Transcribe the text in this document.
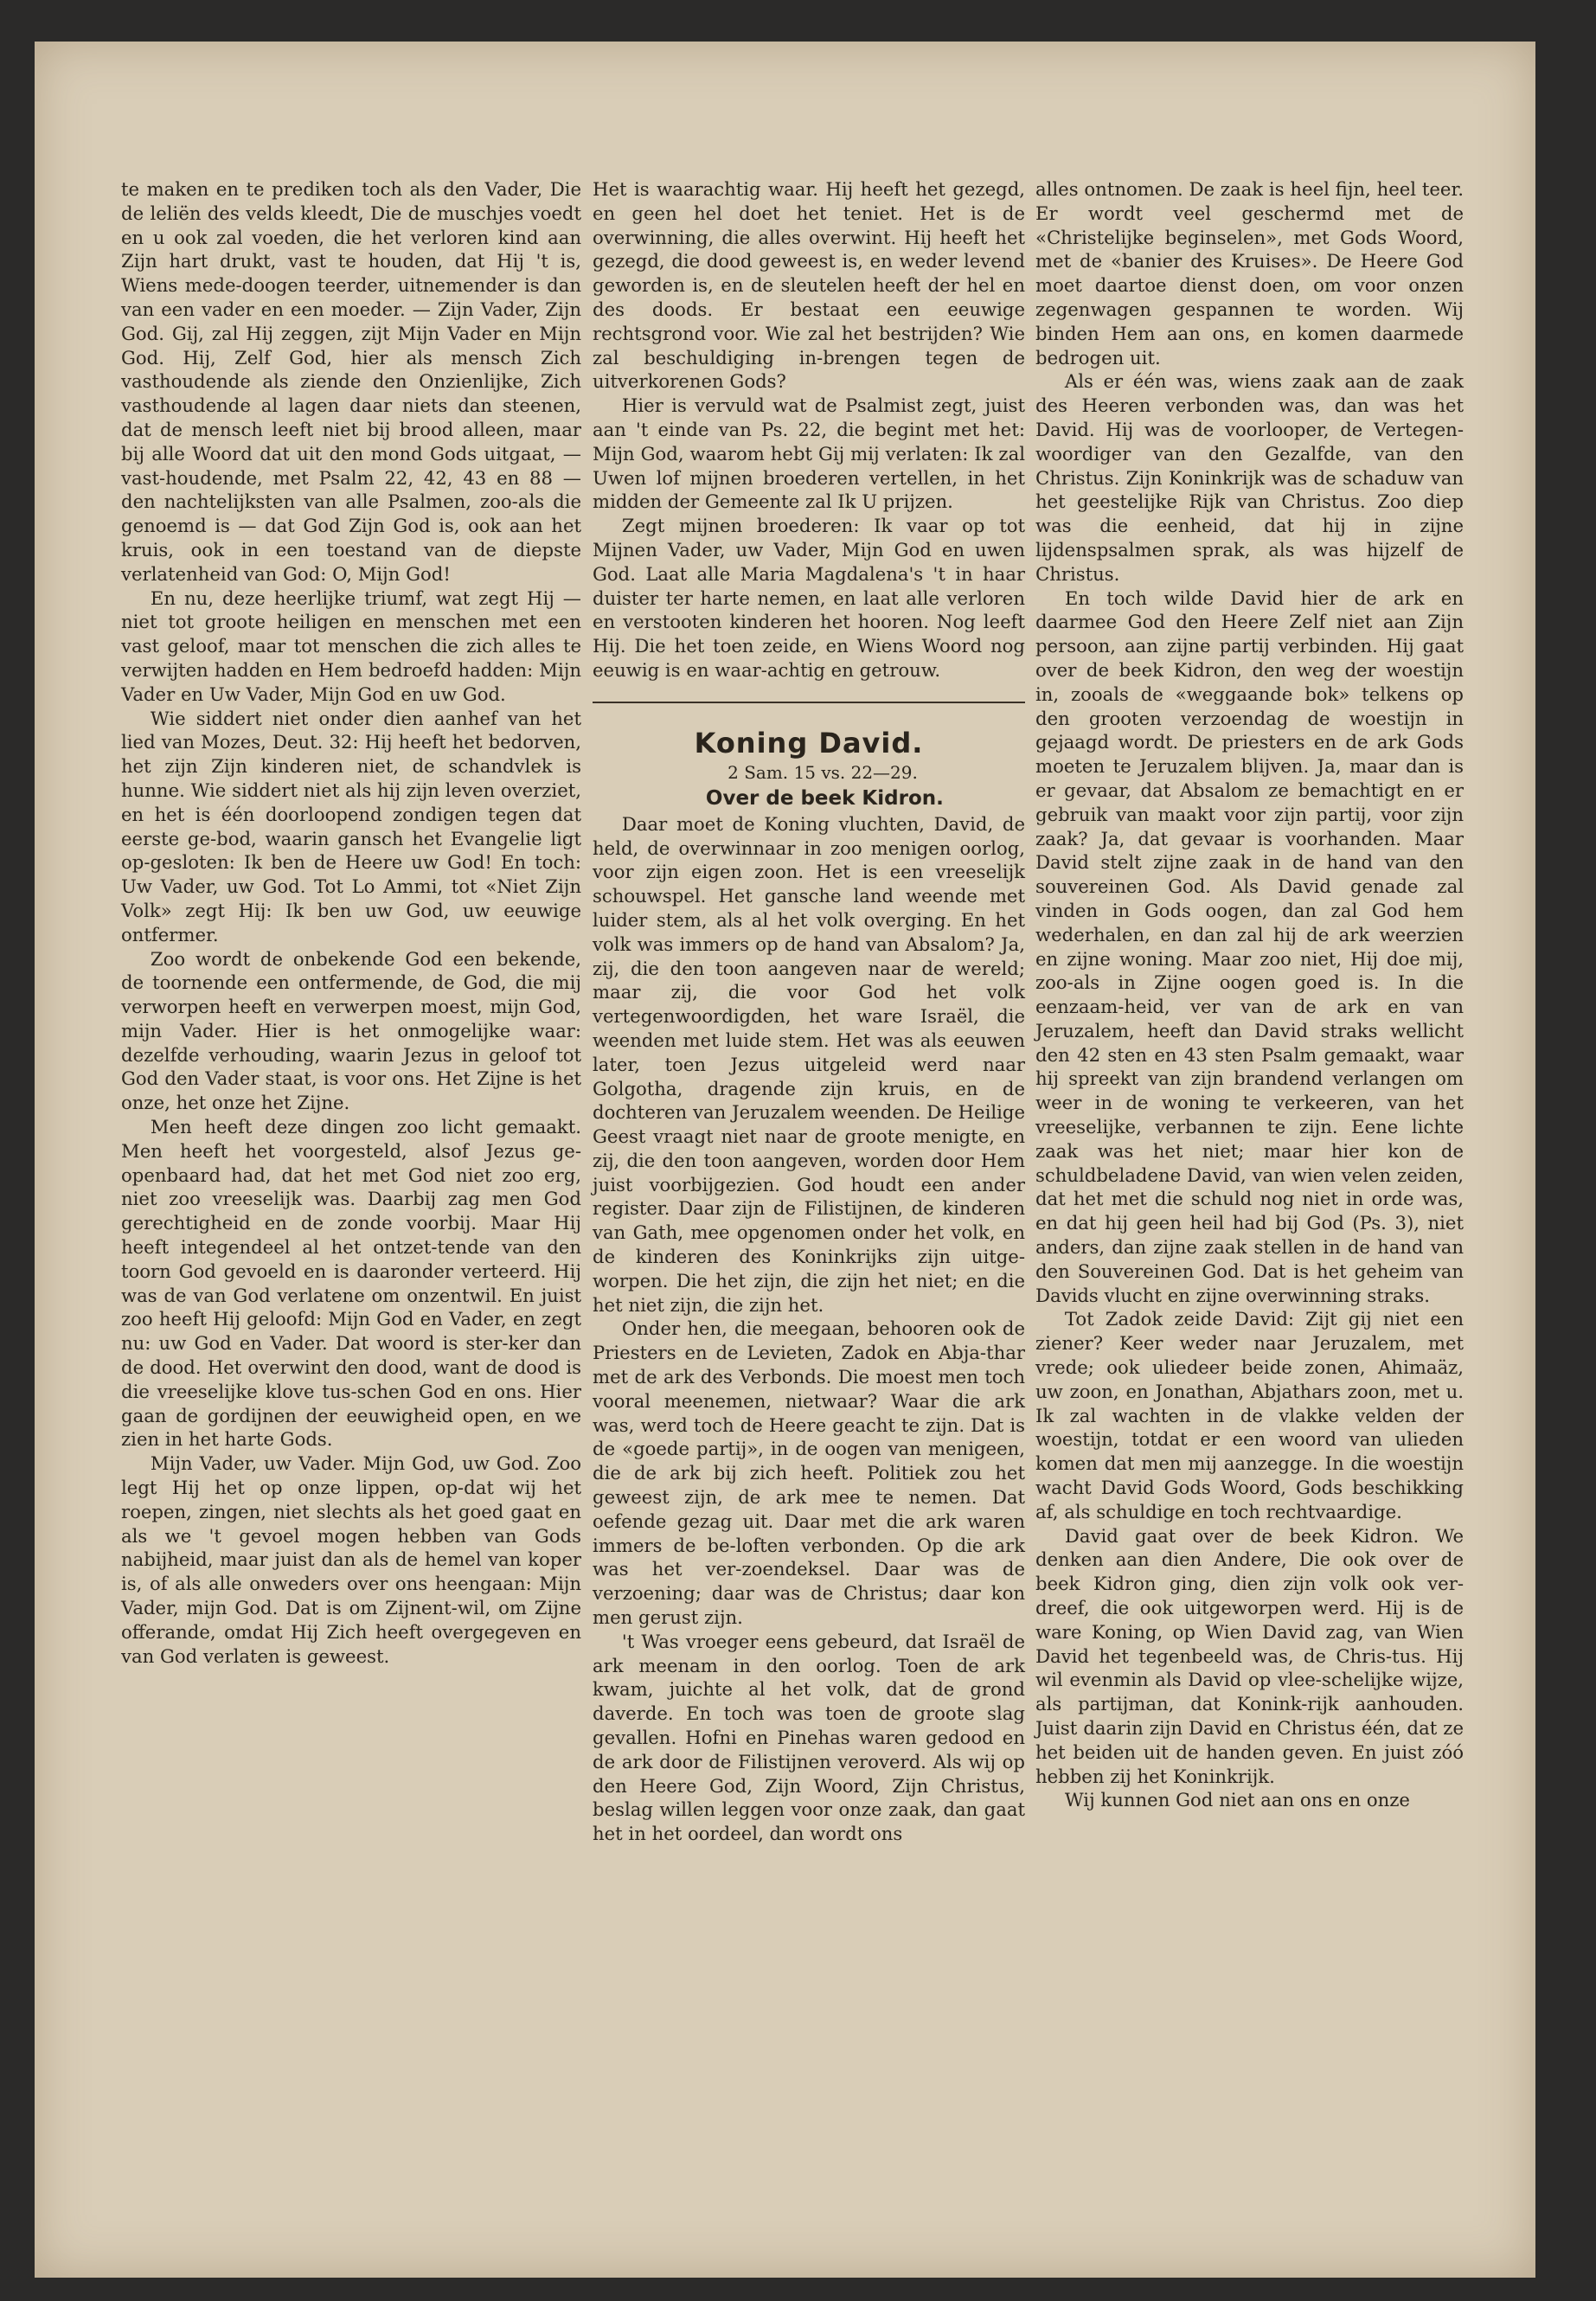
te maken en te prediken toch als den Vader, Die de leliën des velds kleedt, Die de muschjes voedt en u ook zal voeden, die het verloren kind aan Zijn hart drukt, vast te houden, dat Hij 't is, Wiens mede-doogen teerder, uitnemender is dan van een vader en een moeder. — Zijn Vader, Zijn God. Gij, zal Hij zeggen, zijt Mijn Vader en Mijn God. Hij, Zelf God, hier als mensch Zich vasthoudende als ziende den Onzienlijke, Zich vasthoudende al lagen daar niets dan steenen, dat de mensch leeft niet bij brood alleen, maar bij alle Woord dat uit den mond Gods uitgaat, — vast-houdende, met Psalm 22, 42, 43 en 88 — den nachtelijksten van alle Psalmen, zoo-als die genoemd is — dat God Zijn God is, ook aan het kruis, ook in een toestand van de diepste verlatenheid van God: O, Mijn God!

En nu, deze heerlijke triumf, wat zegt Hij — niet tot groote heiligen en menschen met een vast geloof, maar tot menschen die zich alles te verwijten hadden en Hem bedroefd hadden: Mijn Vader en Uw Vader, Mijn God en uw God.

Wie siddert niet onder dien aanhef van het lied van Mozes, Deut. 32: Hij heeft het bedorven, het zijn Zijn kinderen niet, de schandvlek is hunne. Wie siddert niet als hij zijn leven overziet, en het is één doorloopend zondigen tegen dat eerste ge-bod, waarin gansch het Evangelie ligt op-gesloten: Ik ben de Heere uw God! En toch: Uw Vader, uw God. Tot Lo Ammi, tot «Niet Zijn Volk» zegt Hij: Ik ben uw God, uw eeuwige ontfermer.

Zoo wordt de onbekende God een bekende, de toornende een ontfermende, de God, die mij verworpen heeft en verwerpen moest, mijn God, mijn Vader. Hier is het onmogelijke waar: dezelfde verhouding, waarin Jezus in geloof tot God den Vader staat, is voor ons. Het Zijne is het onze, het onze het Zijne.

Men heeft deze dingen zoo licht gemaakt. Men heeft het voorgesteld, alsof Jezus ge-openbaard had, dat het met God niet zoo erg, niet zoo vreeselijk was. Daarbij zag men God gerechtigheid en de zonde voorbij. Maar Hij heeft integendeel al het ontzet-tende van den toorn God gevoeld en is daaronder verteerd. Hij was de van God verlatene om onzentwil. En juist zoo heeft Hij geloofd: Mijn God en Vader, en zegt nu: uw God en Vader. Dat woord is ster-ker dan de dood. Het overwint den dood, want de dood is die vreeselijke klove tus-schen God en ons. Hier gaan de gordijnen der eeuwigheid open, en we zien in het harte Gods.

Mijn Vader, uw Vader. Mijn God, uw God. Zoo legt Hij het op onze lippen, op-dat wij het roepen, zingen, niet slechts als het goed gaat en als we 't gevoel mogen hebben van Gods nabijheid, maar juist dan als de hemel van koper is, of als alle onweders over ons heengaan: Mijn Vader, mijn God. Dat is om Zijnent-wil, om Zijne offerande, omdat Hij Zich heeft overgegeven en van God verlaten is geweest.

Het is waarachtig waar. Hij heeft het gezegd, en geen hel doet het teniet. Het is de overwinning, die alles overwint. Hij heeft het gezegd, die dood geweest is, en weder levend geworden is, en de sleutelen heeft der hel en des doods. Er bestaat een eeuwige rechtsgrond voor. Wie zal het bestrijden? Wie zal beschuldiging in-brengen tegen de uitverkorenen Gods?

Hier is vervuld wat de Psalmist zegt, juist aan 't einde van Ps. 22, die begint met het: Mijn God, waarom hebt Gij mij verlaten: Ik zal Uwen lof mijnen broederen vertellen, in het midden der Gemeente zal Ik U prijzen.

Zegt mijnen broederen: Ik vaar op tot Mijnen Vader, uw Vader, Mijn God en uwen God. Laat alle Maria Magdalena's 't in haar duister ter harte nemen, en laat alle verloren en verstooten kinderen het hooren. Nog leeft Hij. Die het toen zeide, en Wiens Woord nog eeuwig is en waar-achtig en getrouw.

Koning David.

2 Sam. 15 vs. 22—29.

Over de beek Kidron.

Daar moet de Koning vluchten, David, de held, de overwinnaar in zoo menigen oorlog, voor zijn eigen zoon. Het is een vreeselijk schouwspel. Het gansche land weende met luider stem, als al het volk overging. En het volk was immers op de hand van Absalom? Ja, zij, die den toon aangeven naar de wereld; maar zij, die voor God het volk vertegenwoordigden, het ware Israël, die weenden met luide stem. Het was als eeuwen later, toen Jezus uitgeleid werd naar Golgotha, dragende zijn kruis, en de dochteren van Jeruzalem weenden. De Heilige Geest vraagt niet naar de groote menigte, en zij, die den toon aangeven, worden door Hem juist voorbijgezien. God houdt een ander register. Daar zijn de Filistijnen, de kinderen van Gath, mee opgenomen onder het volk, en de kinderen des Koninkrijks zijn uitge-worpen. Die het zijn, die zijn het niet; en die het niet zijn, die zijn het.

Onder hen, die meegaan, behooren ook de Priesters en de Levieten, Zadok en Abja-thar met de ark des Verbonds. Die moest men toch vooral meenemen, nietwaar? Waar die ark was, werd toch de Heere geacht te zijn. Dat is de «goede partij», in de oogen van menigeen, die de ark bij zich heeft. Politiek zou het geweest zijn, de ark mee te nemen. Dat oefende gezag uit. Daar met die ark waren immers de be-loften verbonden. Op die ark was het ver-zoendeksel. Daar was de verzoening; daar was de Christus; daar kon men gerust zijn.

't Was vroeger eens gebeurd, dat Israël de ark meenam in den oorlog. Toen de ark kwam, juichte al het volk, dat de grond daverde. En toch was toen de groote slag gevallen. Hofni en Pinehas waren gedood en de ark door de Filistijnen veroverd. Als wij op den Heere God, Zijn Woord, Zijn Christus, beslag willen leggen voor onze zaak, dan gaat het in het oordeel, dan wordt ons

alles ontnomen. De zaak is heel fijn, heel teer. Er wordt veel geschermd met de «Christelijke beginselen», met Gods Woord, met de «banier des Kruises». De Heere God moet daartoe dienst doen, om voor onzen zegenwagen gespannen te worden. Wij binden Hem aan ons, en komen daarmede bedrogen uit.

Als er één was, wiens zaak aan de zaak des Heeren verbonden was, dan was het David. Hij was de voorlooper, de Vertegen-woordiger van den Gezalfde, van den Christus. Zijn Koninkrijk was de schaduw van het geestelijke Rijk van Christus. Zoo diep was die eenheid, dat hij in zijne lijdenspsalmen sprak, als was hijzelf de Christus.

En toch wilde David hier de ark en daarmee God den Heere Zelf niet aan Zijn persoon, aan zijne partij verbinden. Hij gaat over de beek Kidron, den weg der woestijn in, zooals de «weggaande bok» telkens op den grooten verzoendag de woestijn in gejaagd wordt. De priesters en de ark Gods moeten te Jeruzalem blijven. Ja, maar dan is er gevaar, dat Absalom ze bemachtigt en er gebruik van maakt voor zijn partij, voor zijn zaak? Ja, dat gevaar is voorhanden. Maar David stelt zijne zaak in de hand van den souvereinen God. Als David genade zal vinden in Gods oogen, dan zal God hem wederhalen, en dan zal hij de ark weerzien en zijne woning. Maar zoo niet, Hij doe mij, zoo-als in Zijne oogen goed is. In die eenzaam-heid, ver van de ark en van Jeruzalem, heeft dan David straks wellicht den 42 sten en 43 sten Psalm gemaakt, waar hij spreekt van zijn brandend verlangen om weer in de woning te verkeeren, van het vreeselijke, verbannen te zijn. Eene lichte zaak was het niet; maar hier kon de schuldbeladene David, van wien velen zeiden, dat het met die schuld nog niet in orde was, en dat hij geen heil had bij God (Ps. 3), niet anders, dan zijne zaak stellen in de hand van den Souvereinen God. Dat is het geheim van Davids vlucht en zijne overwinning straks.

Tot Zadok zeide David: Zijt gij niet een ziener? Keer weder naar Jeruzalem, met vrede; ook uliedeer beide zonen, Ahimaäz, uw zoon, en Jonathan, Abjathars zoon, met u. Ik zal wachten in de vlakke velden der woestijn, totdat er een woord van ulieden komen dat men mij aanzegge. In die woestijn wacht David Gods Woord, Gods beschikking af, als schuldige en toch rechtvaardige.

David gaat over de beek Kidron. We denken aan dien Andere, Die ook over de beek Kidron ging, dien zijn volk ook ver-dreef, die ook uitgeworpen werd. Hij is de ware Koning, op Wien David zag, van Wien David het tegenbeeld was, de Chris-tus. Hij wil evenmin als David op vlee-schelijke wijze, als partijman, dat Konink-rijk aanhouden. Juist daarin zijn David en Christus één, dat ze het beiden uit de handen geven. En juist zóó hebben zij het Koninkrijk.

Wij kunnen God niet aan ons en onze
